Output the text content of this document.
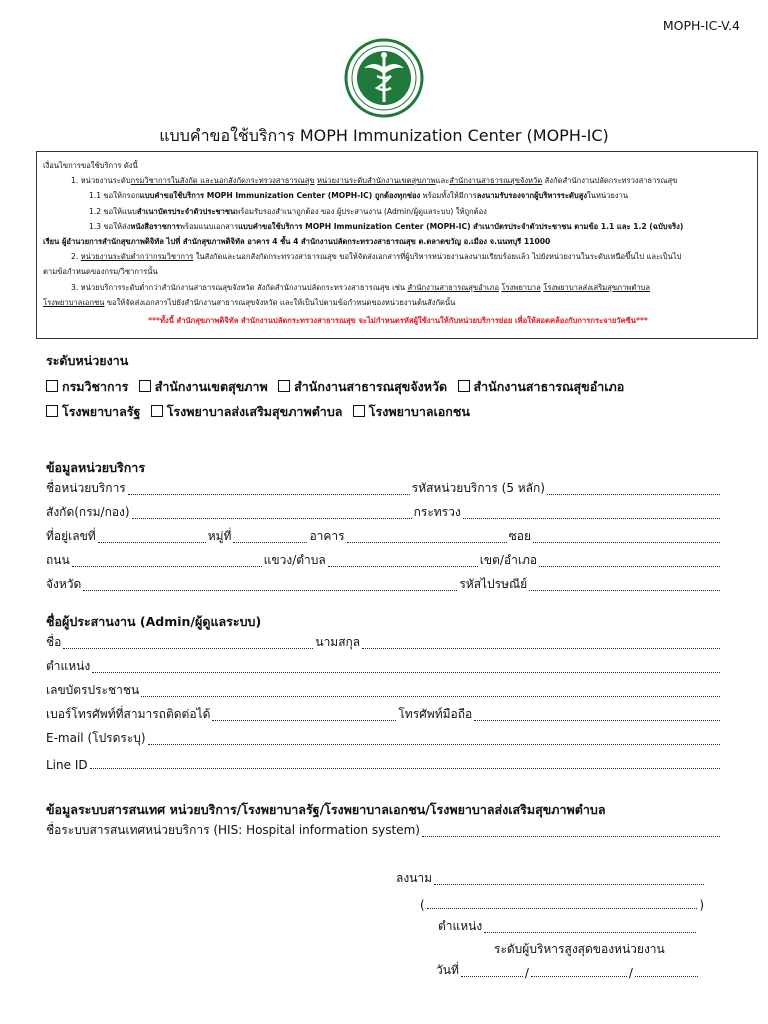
MOPH-IC-V.4
แบบคำขอใช้บริการ MOPH Immunization Center (MOPH-IC)

เงื่อนไขการขอใช้บริการ ดังนี้

1. หน่วยงานระดับกรมวิชาการในสังกัด และนอกสังกัดกระทรวงสาธารณสุข หน่วยงานระดับสำนักงานเขตสุขภาพและสำนักงานสาธารณสุขจังหวัด สังกัดสำนักงานปลัดกระทรวงสาธารณสุข

1.1 ขอให้กรอกแบบคำขอใช้บริการ MOPH Immunization Center (MOPH-IC) ถูกต้องทุกช่อง พร้อมทั้งให้มีการลงนามรับรองจากผู้บริหารระดับสูงในหน่วยงาน

1.2 ขอให้แนบสำเนาบัตรประจำตัวประชาชนพร้อมรับรองสำเนาถูกต้อง ของ ผู้ประสานงาน (Admin/ผู้ดูแลระบบ) ให้ถูกต้อง

1.3 ขอให้ส่งหนังสือราชการพร้อมแนบเอกสารแบบคำขอใช้บริการ MOPH Immunization Center (MOPH-IC) สำเนาบัตรประจำตัวประชาชน ตามข้อ 1.1 และ 1.2 (ฉบับจริง)

เรียน ผู้อำนวยการสำนักสุขภาพดิจิทัล ไปที่ สำนักสุขภาพดิจิทัล อาคาร 4 ชั้น 4 สำนักงานปลัดกระทรวงสาธารณสุข ต.ตลาดขวัญ อ.เมือง จ.นนทบุรี 11000

2. หน่วยงานระดับต่ำกว่ากรมวิชาการ ในสังกัดและนอกสังกัดกระทรวงสาธารณสุข ขอให้จัดส่งเอกสารที่ผู้บริหารหน่วยงานลงนามเรียบร้อยแล้ว ไปยังหน่วยงานในระดับเหนือขึ้นไป และเป็นไป

ตามข้อกำหนดของกรม/วิชาการนั้น

3. หน่วยบริการระดับต่ำกว่าสำนักงานสาธารณสุขจังหวัด สังกัดสำนักงานปลัดกระทรวงสาธารณสุข เช่น สำนักงานสาธารณสุขอำเภอ โรงพยาบาล โรงพยาบาลส่งเสริมสุขภาพตำบล

โรงพยาบาลเอกชน ขอให้จัดส่งเอกสารไปยังสำนักงานสาธารณสุขจังหวัด และให้เป็นไปตามข้อกำหนดของหน่วยงานต้นสังกัดนั้น

***ทั้งนี้ สำนักสุขภาพดิจิทัล สำนักงานปลัดกระทรวงสาธารณสุข จะไม่กำหนดรหัสผู้ใช้งานให้กับหน่วยบริการย่อย เพื่อให้สอดคล้องกับการกระจายวัคซีน***

ระดับหน่วยงาน
กรมวิชาการ สำนักงานเขตสุขภาพ สำนักงานสาธารณสุขจังหวัด สำนักงานสาธารณสุขอำเภอ
โรงพยาบาลรัฐ โรงพยาบาลส่งเสริมสุขภาพตำบล โรงพยาบาลเอกชน
ข้อมูลหน่วยบริการ
ชื่อหน่วยบริการ	รหัสหน่วยบริการ (5 หลัก)
สังกัด(กรม/กอง)	กระทรวง
ที่อยู่เลขที่	หมู่ที่	อาคาร	ซอย
ถนน	แขวง/ตำบล	เขต/อำเภอ
จังหวัด	รหัสไปรษณีย์
ชื่อผู้ประสานงาน (Admin/ผู้ดูแลระบบ)
ชื่อ	นามสกุล
ตำแหน่ง
เลขบัตรประชาชน
เบอร์โทรศัพท์ที่สามารถติดต่อได้	โทรศัพท์มือถือ
E-mail (โปรดระบุ)
Line ID
ข้อมูลระบบสารสนเทศ หน่วยบริการ/โรงพยาบาลรัฐ/โรงพยาบาลเอกชน/โรงพยาบาลส่งเสริมสุขภาพตำบล
ชื่อระบบสารสนเทศหน่วยบริการ (HIS: Hospital information system)
ลงนาม
(	)
ตำแหน่ง
ระดับผู้บริหารสูงสุดของหน่วยงาน
วันที่	/	/
